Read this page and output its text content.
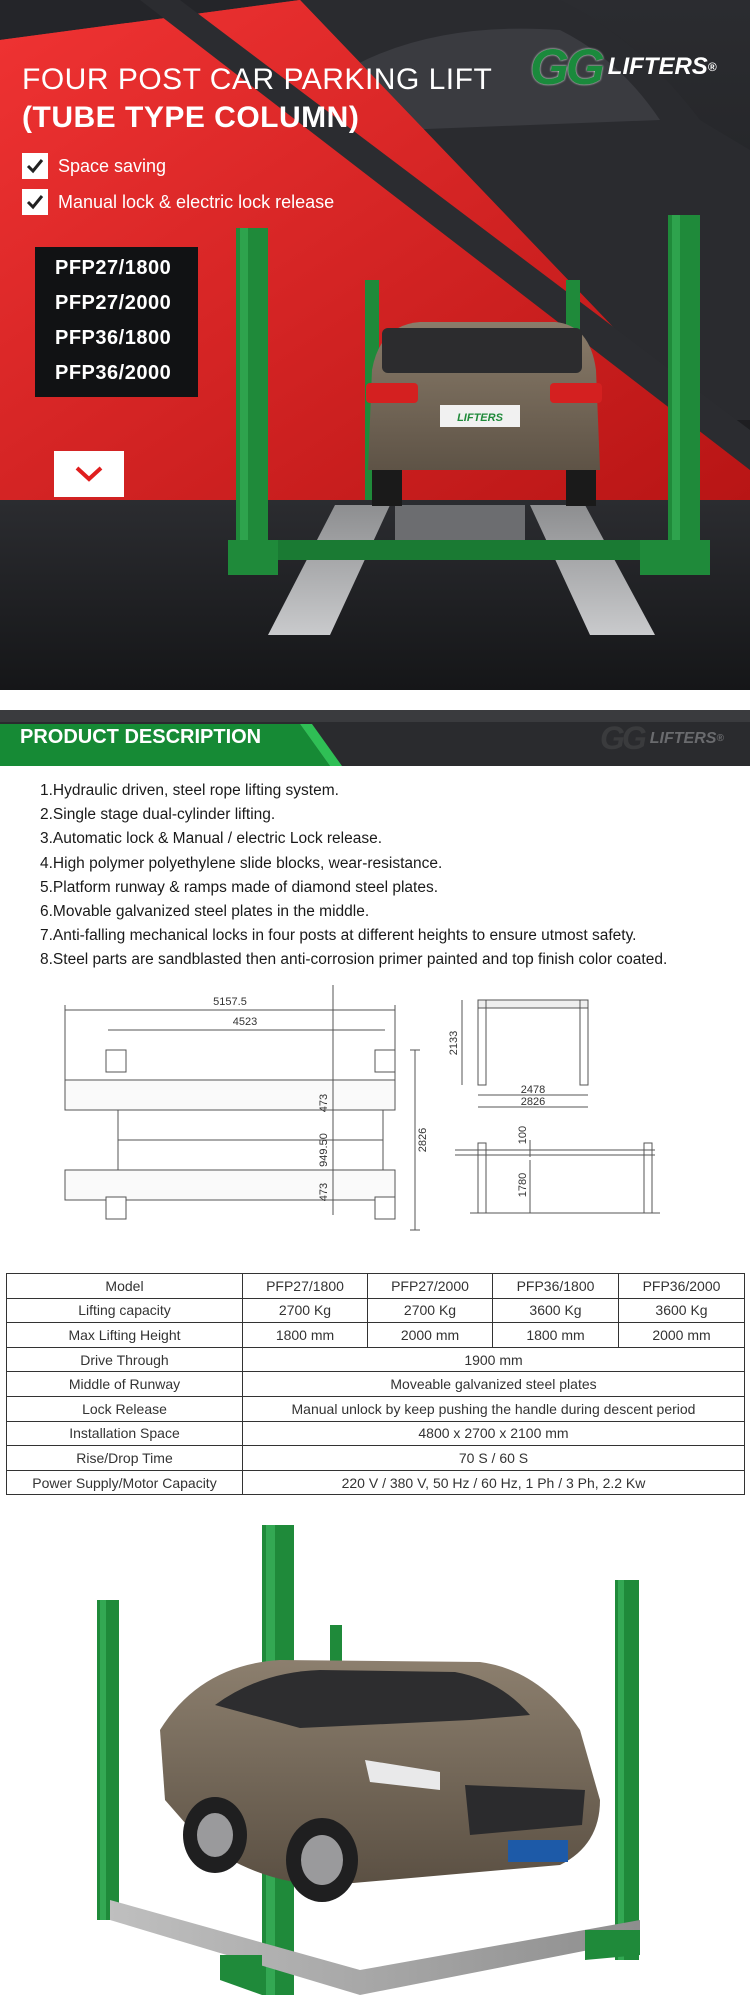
LIFTERS
GG LIFTERS ®
FOUR POST CAR PARKING LIFT
(TUBE TYPE COLUMN)
Space saving
Manual lock & electric lock release
PFP27/1800
PFP27/2000
PFP36/1800
PFP36/2000
PRODUCT DESCRIPTION	GG LIFTERS ®
1.Hydraulic driven, steel rope lifting system.
2.Single stage dual-cylinder lifting.
3.Automatic lock & Manual / electric Lock release.
4.High polymer polyethylene slide blocks, wear-resistance.
5.Platform runway & ramps made of diamond steel plates.
6.Movable galvanized steel plates in the middle.
7.Anti-falling mechanical locks in four posts at different heights to ensure utmost safety.
8.Steel parts are sandblasted then anti-corrosion primer painted and top finish color coated.
5157.5
4523
473
949.50
473
2826
2133
2478
2826
100
1780
Model	PFP27/1800	PFP27/2000	PFP36/1800	PFP36/2000
Lifting capacity	2700 Kg	2700 Kg	3600 Kg	3600 Kg
Max Lifting Height	1800 mm	2000 mm	1800 mm	2000 mm
Drive Through	1900 mm			
Middle of Runway	Moveable galvanized steel plates			
Lock Release	Manual unlock by keep pushing the handle during descent period			
Installation Space	4800 x 2700 x 2100 mm			
Rise/Drop Time	70 S / 60 S			
Power Supply/Motor Capacity	220 V / 380 V, 50 Hz / 60 Hz, 1 Ph / 3 Ph, 2.2 Kw			
